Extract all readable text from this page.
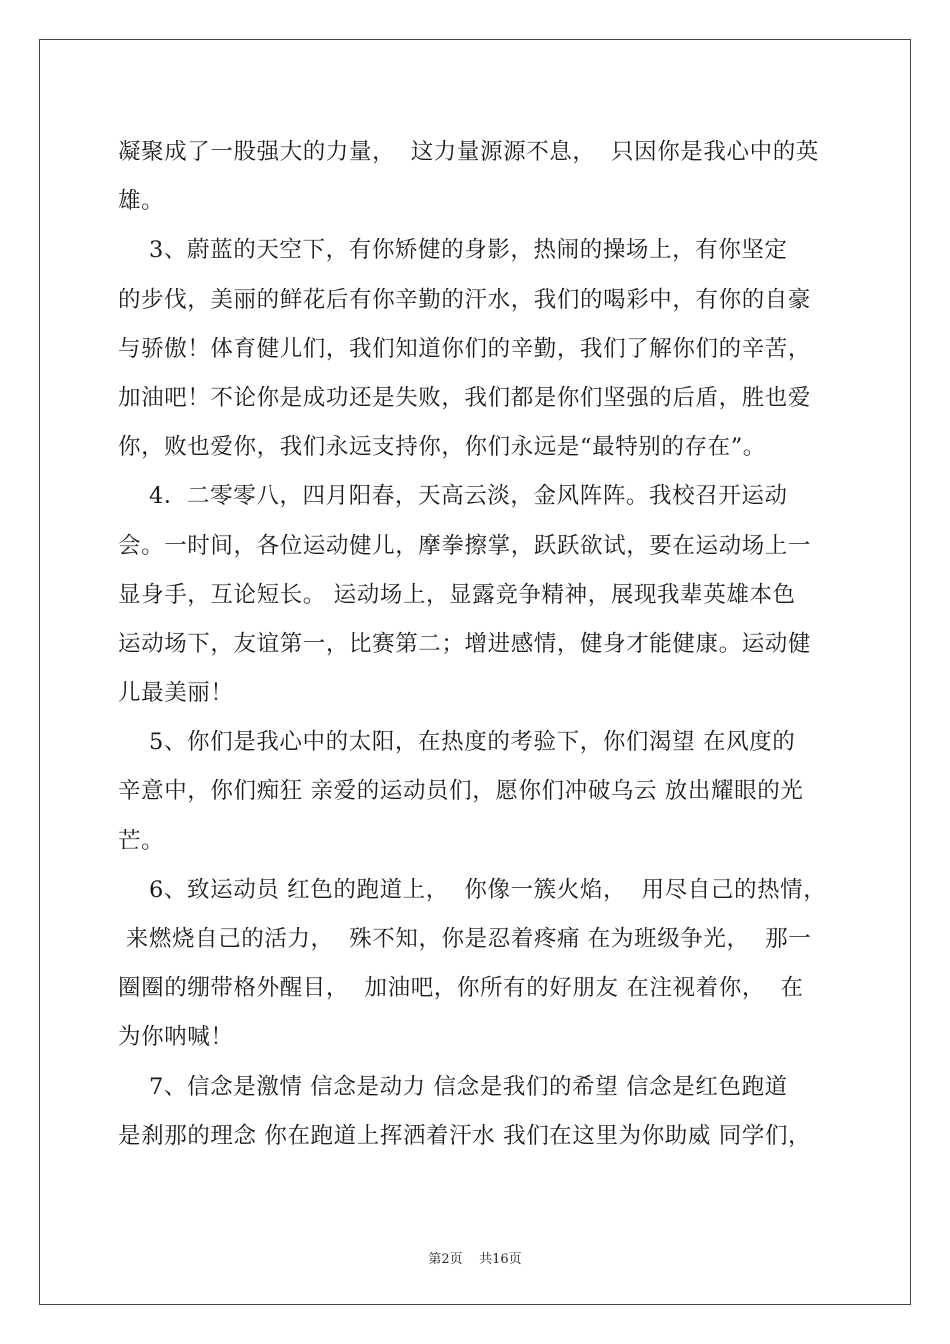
凝聚成了一股强大的力量，  这力量源源不息，  只因你是我心中的英
雄。
3、蔚蓝的天空下，有你矫健的身影，热闹的操场上，有你坚定
的步伐，美丽的鲜花后有你辛勤的汗水，我们的喝彩中，有你的自豪
与骄傲！体育健儿们，我们知道你们的辛勤，我们了解你们的辛苦，
加油吧！不论你是成功还是失败，我们都是你们坚强的后盾，胜也爱
你，败也爱你，我们永远支持你，你们永远是“最特别的存在”。
4．二零零八，四月阳春，天高云淡，金风阵阵。我校召开运动
会。一时间，各位运动健儿，摩拳擦掌，跃跃欲试，要在运动场上一
显身手，互论短长。 运动场上，显露竞争精神，展现我辈英雄本色
运动场下，友谊第一，比赛第二；增进感情，健身才能健康。运动健
儿最美丽！
5、你们是我心中的太阳，在热度的考验下，你们渴望 在风度的
辛意中，你们痴狂 亲爱的运动员们，愿你们冲破乌云 放出耀眼的光
芒。
6、致运动员 红色的跑道上，  你像一簇火焰，  用尽自己的热情，
来燃烧自己的活力，  殊不知，你是忍着疼痛 在为班级争光，  那一
圈圈的绷带格外醒目，  加油吧，你所有的好朋友 在注视着你，  在
为你呐喊！
7、信念是激情 信念是动力 信念是我们的希望 信念是红色跑道
是刹那的理念 你在跑道上挥洒着汗水 我们在这里为你助威 同学们，
第2页 共16页
